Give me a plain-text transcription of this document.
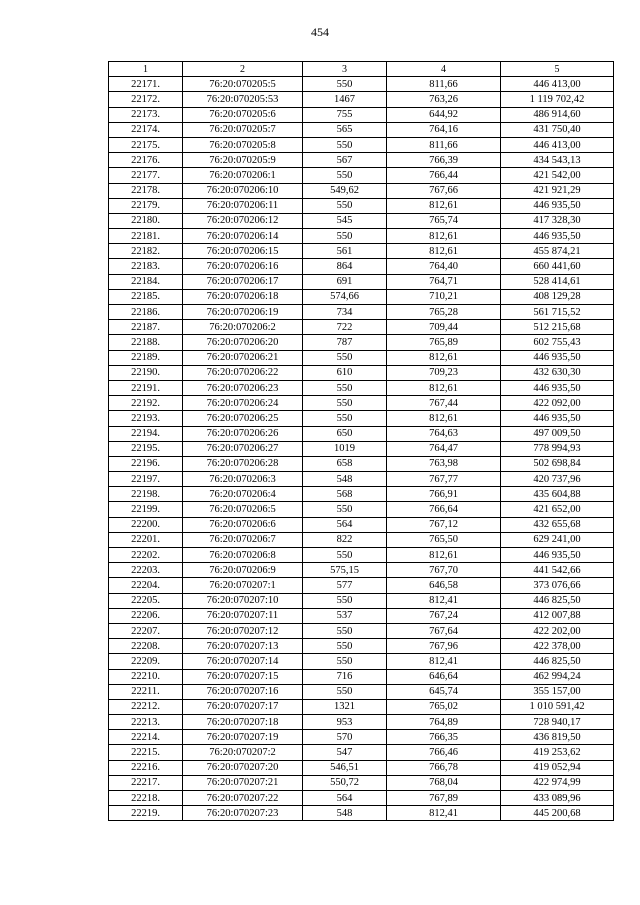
454
1	2	3	4	5
22171.	76:20:070205:5	550	811,66	446 413,00
22172.	76:20:070205:53	1467	763,26	1 119 702,42
22173.	76:20:070205:6	755	644,92	486 914,60
22174.	76:20:070205:7	565	764,16	431 750,40
22175.	76:20:070205:8	550	811,66	446 413,00
22176.	76:20:070205:9	567	766,39	434 543,13
22177.	76:20:070206:1	550	766,44	421 542,00
22178.	76:20:070206:10	549,62	767,66	421 921,29
22179.	76:20:070206:11	550	812,61	446 935,50
22180.	76:20:070206:12	545	765,74	417 328,30
22181.	76:20:070206:14	550	812,61	446 935,50
22182.	76:20:070206:15	561	812,61	455 874,21
22183.	76:20:070206:16	864	764,40	660 441,60
22184.	76:20:070206:17	691	764,71	528 414,61
22185.	76:20:070206:18	574,66	710,21	408 129,28
22186.	76:20:070206:19	734	765,28	561 715,52
22187.	76:20:070206:2	722	709,44	512 215,68
22188.	76:20:070206:20	787	765,89	602 755,43
22189.	76:20:070206:21	550	812,61	446 935,50
22190.	76:20:070206:22	610	709,23	432 630,30
22191.	76:20:070206:23	550	812,61	446 935,50
22192.	76:20:070206:24	550	767,44	422 092,00
22193.	76:20:070206:25	550	812,61	446 935,50
22194.	76:20:070206:26	650	764,63	497 009,50
22195.	76:20:070206:27	1019	764,47	778 994,93
22196.	76:20:070206:28	658	763,98	502 698,84
22197.	76:20:070206:3	548	767,77	420 737,96
22198.	76:20:070206:4	568	766,91	435 604,88
22199.	76:20:070206:5	550	766,64	421 652,00
22200.	76:20:070206:6	564	767,12	432 655,68
22201.	76:20:070206:7	822	765,50	629 241,00
22202.	76:20:070206:8	550	812,61	446 935,50
22203.	76:20:070206:9	575,15	767,70	441 542,66
22204.	76:20:070207:1	577	646,58	373 076,66
22205.	76:20:070207:10	550	812,41	446 825,50
22206.	76:20:070207:11	537	767,24	412 007,88
22207.	76:20:070207:12	550	767,64	422 202,00
22208.	76:20:070207:13	550	767,96	422 378,00
22209.	76:20:070207:14	550	812,41	446 825,50
22210.	76:20:070207:15	716	646,64	462 994,24
22211.	76:20:070207:16	550	645,74	355 157,00
22212.	76:20:070207:17	1321	765,02	1 010 591,42
22213.	76:20:070207:18	953	764,89	728 940,17
22214.	76:20:070207:19	570	766,35	436 819,50
22215.	76:20:070207:2	547	766,46	419 253,62
22216.	76:20:070207:20	546,51	766,78	419 052,94
22217.	76:20:070207:21	550,72	768,04	422 974,99
22218.	76:20:070207:22	564	767,89	433 089,96
22219.	76:20:070207:23	548	812,41	445 200,68
